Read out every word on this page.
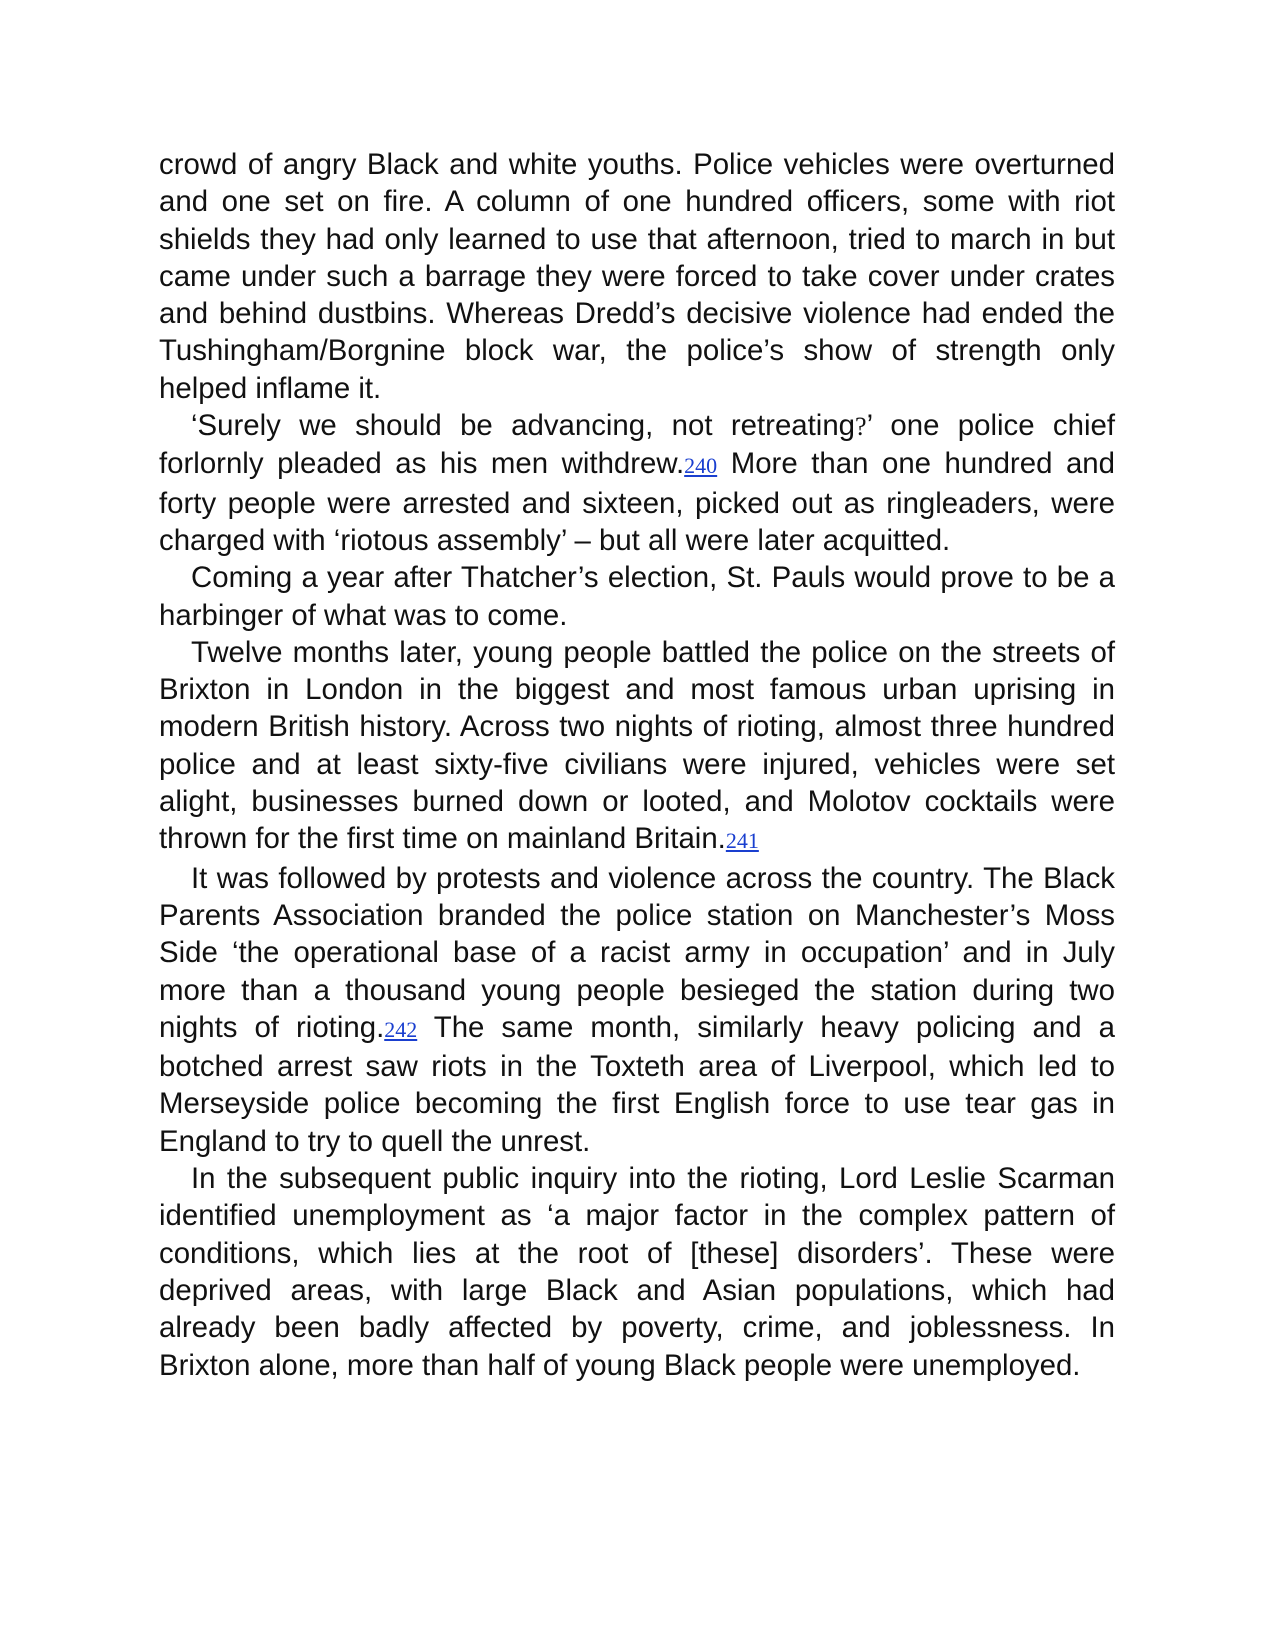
crowd of angry Black and white youths. Police vehicles were overturned and one set on fire. A column of one hundred officers, some with riot shields they had only learned to use that afternoon, tried to march in but came under such a barrage they were forced to take cover under crates and behind dustbins. Whereas Dredd’s decisive violence had ended the Tushingham/Borgnine block war, the police’s show of strength only helped inflame it.

‘Surely we should be advancing, not retreating?’ one police chief forlornly pleaded as his men withdrew.240 More than one hundred and forty people were arrested and sixteen, picked out as ringleaders, were charged with ‘riotous assembly’ – but all were later acquitted.

Coming a year after Thatcher’s election, St. Pauls would prove to be a harbinger of what was to come.

Twelve months later, young people battled the police on the streets of Brixton in London in the biggest and most famous urban uprising in modern British history. Across two nights of rioting, almost three hundred police and at least sixty-five civilians were injured, vehicles were set alight, businesses burned down or looted, and Molotov cocktails were thrown for the first time on mainland Britain.241

It was followed by protests and violence across the country. The Black Parents Association branded the police station on Manchester’s Moss Side ‘the operational base of a racist army in occupation’ and in July more than a thousand young people besieged the station during two nights of rioting.242 The same month, similarly heavy policing and a botched arrest saw riots in the Toxteth area of Liverpool, which led to Merseyside police becoming the first English force to use tear gas in England to try to quell the unrest.

In the subsequent public inquiry into the rioting, Lord Leslie Scarman identified unemployment as ‘a major factor in the complex pattern of conditions, which lies at the root of [these] disorders’. These were deprived areas, with large Black and Asian populations, which had already been badly affected by poverty, crime, and joblessness. In Brixton alone, more than half of young Black people were unemployed.
